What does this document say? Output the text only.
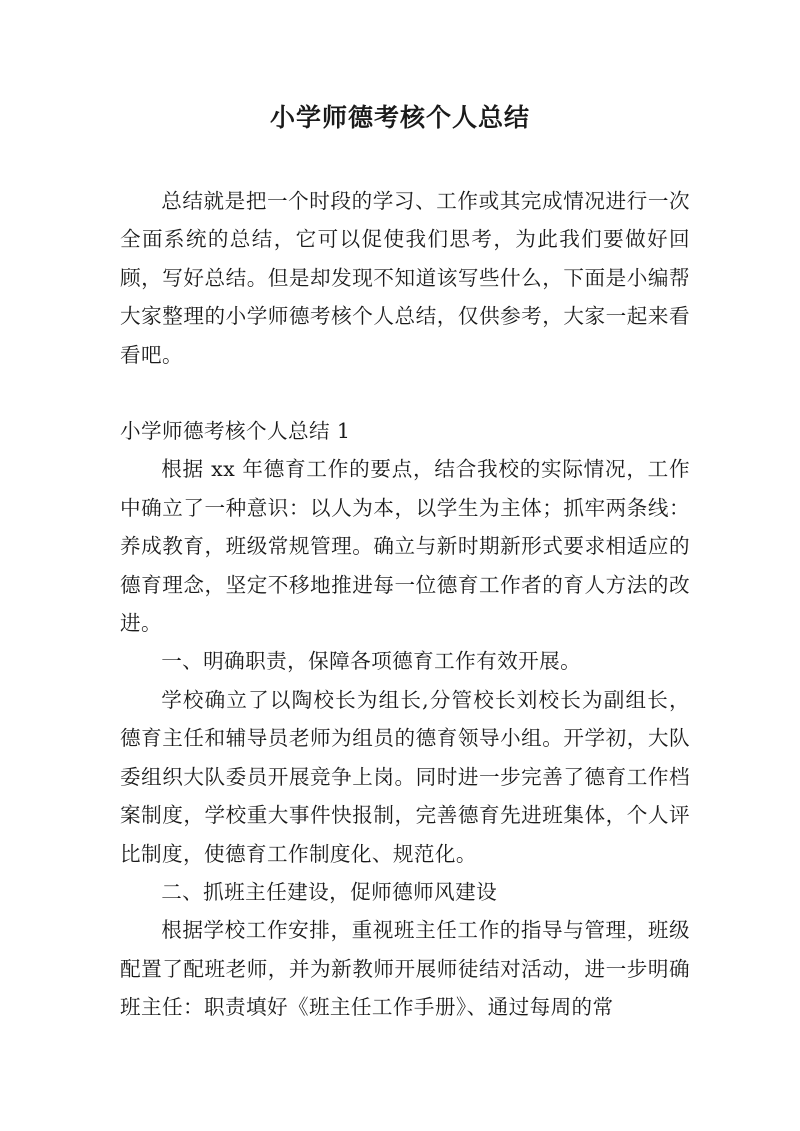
小学师德考核个人总结

总结就是把一个时段的学习、工作或其完成情况进行一次全面系统的总结，它可以促使我们思考，为此我们要做好回顾，写好总结。但是却发现不知道该写些什么，下面是小编帮大家整理的小学师德考核个人总结，仅供参考，大家一起来看看吧。

小学师德考核个人总结 1

根据 xx 年德育工作的要点，结合我校的实际情况，工作中确立了一种意识：以人为本，以学生为主体；抓牢两条线：养成教育，班级常规管理。确立与新时期新形式要求相适应的德育理念，坚定不移地推进每一位德育工作者的育人方法的改进。

一、明确职责，保障各项德育工作有效开展。

学校确立了以陶校长为组长,分管校长刘校长为副组长，德育主任和辅导员老师为组员的德育领导小组。开学初，大队委组织大队委员开展竞争上岗。同时进一步完善了德育工作档案制度，学校重大事件快报制，完善德育先进班集体，个人评比制度，使德育工作制度化、规范化。

二、抓班主任建设，促师德师风建设

根据学校工作安排，重视班主任工作的指导与管理，班级配置了配班老师，并为新教师开展师徒结对活动，进一步明确班主任：职责填好《班主任工作手册》、通过每周的常
